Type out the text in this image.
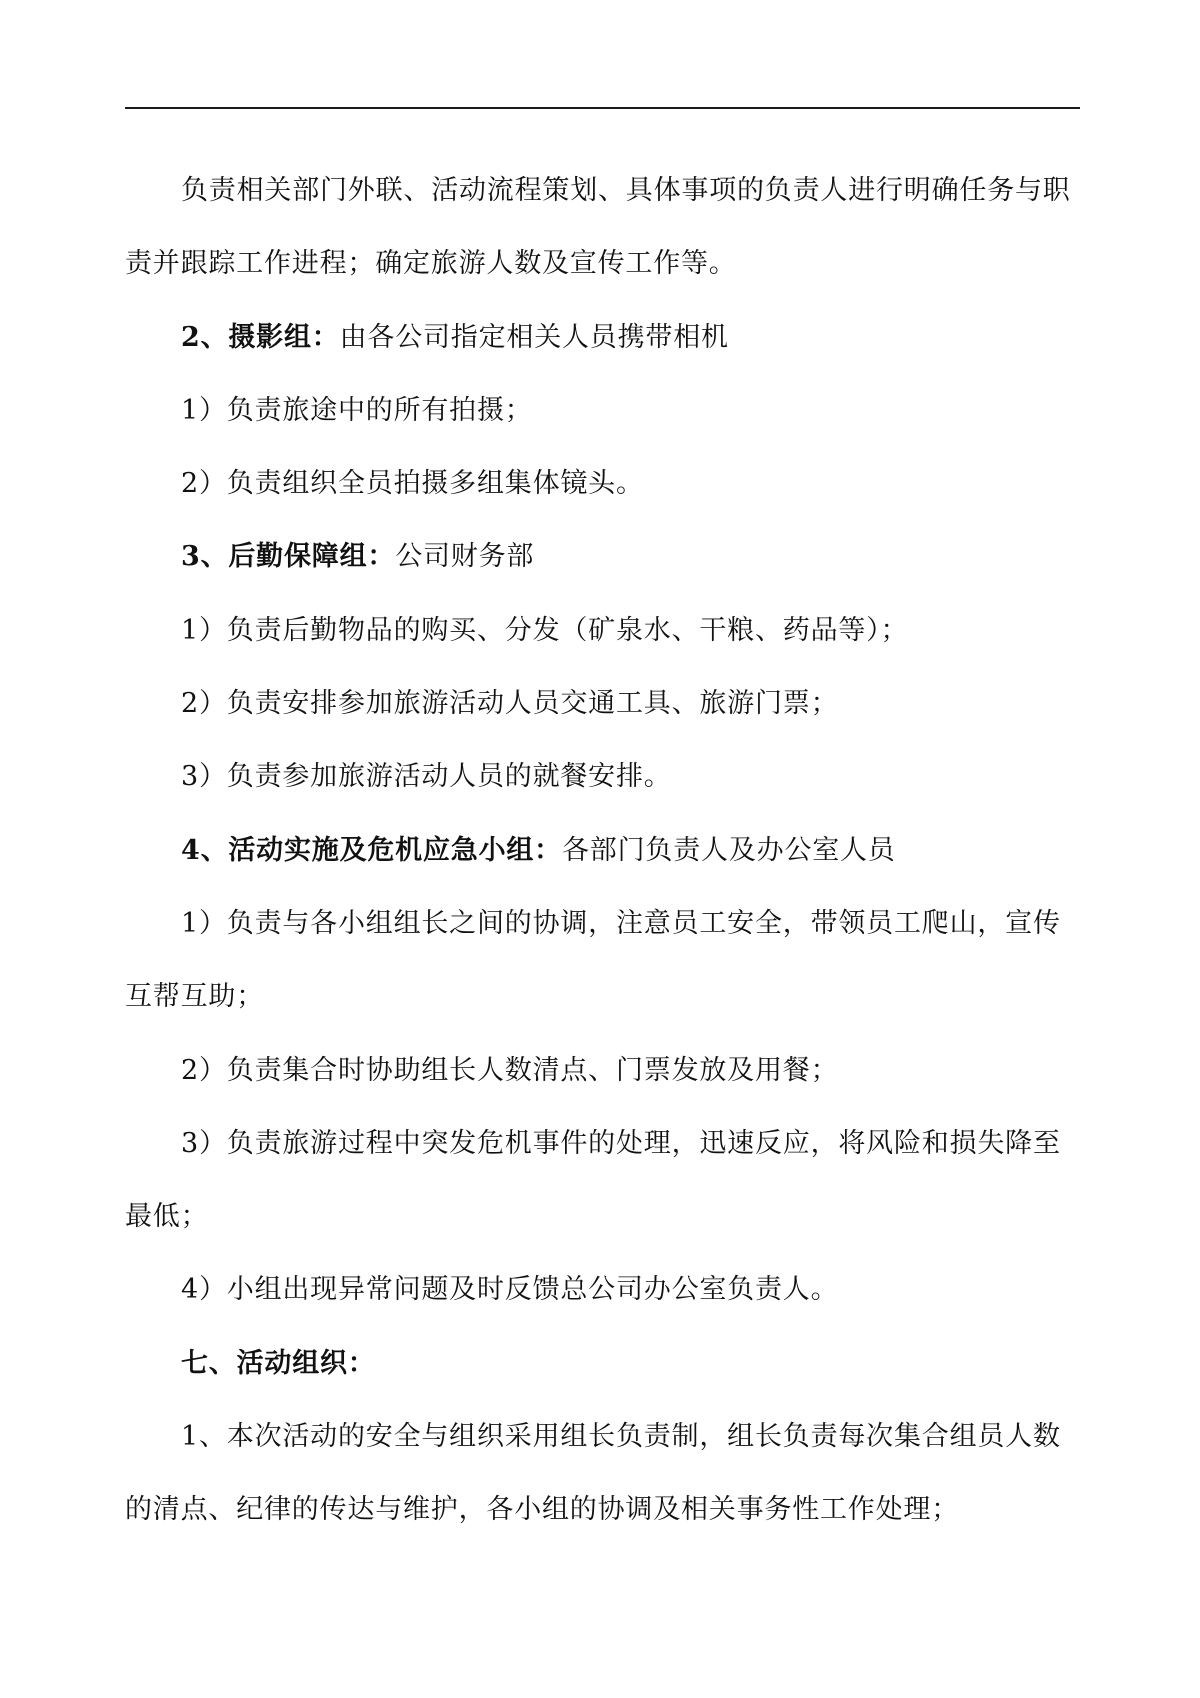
负责相关部门外联、活动流程策划、具体事项的负责人进行明确任务与职
责并跟踪工作进程；确定旅游人数及宣传工作等。
2、摄影组：由各公司指定相关人员携带相机
1）负责旅途中的所有拍摄；
2）负责组织全员拍摄多组集体镜头。
3、后勤保障组：公司财务部
1）负责后勤物品的购买、分发（矿泉水、干粮、药品等）；
2）负责安排参加旅游活动人员交通工具、旅游门票；
3）负责参加旅游活动人员的就餐安排。
4、活动实施及危机应急小组：各部门负责人及办公室人员
1）负责与各小组组长之间的协调，注意员工安全，带领员工爬山，宣传
互帮互助；
2）负责集合时协助组长人数清点、门票发放及用餐；
3）负责旅游过程中突发危机事件的处理，迅速反应，将风险和损失降至
最低；
4）小组出现异常问题及时反馈总公司办公室负责人。
七、活动组织：
1、本次活动的安全与组织采用组长负责制，组长负责每次集合组员人数
的清点、纪律的传达与维护，各小组的协调及相关事务性工作处理；
